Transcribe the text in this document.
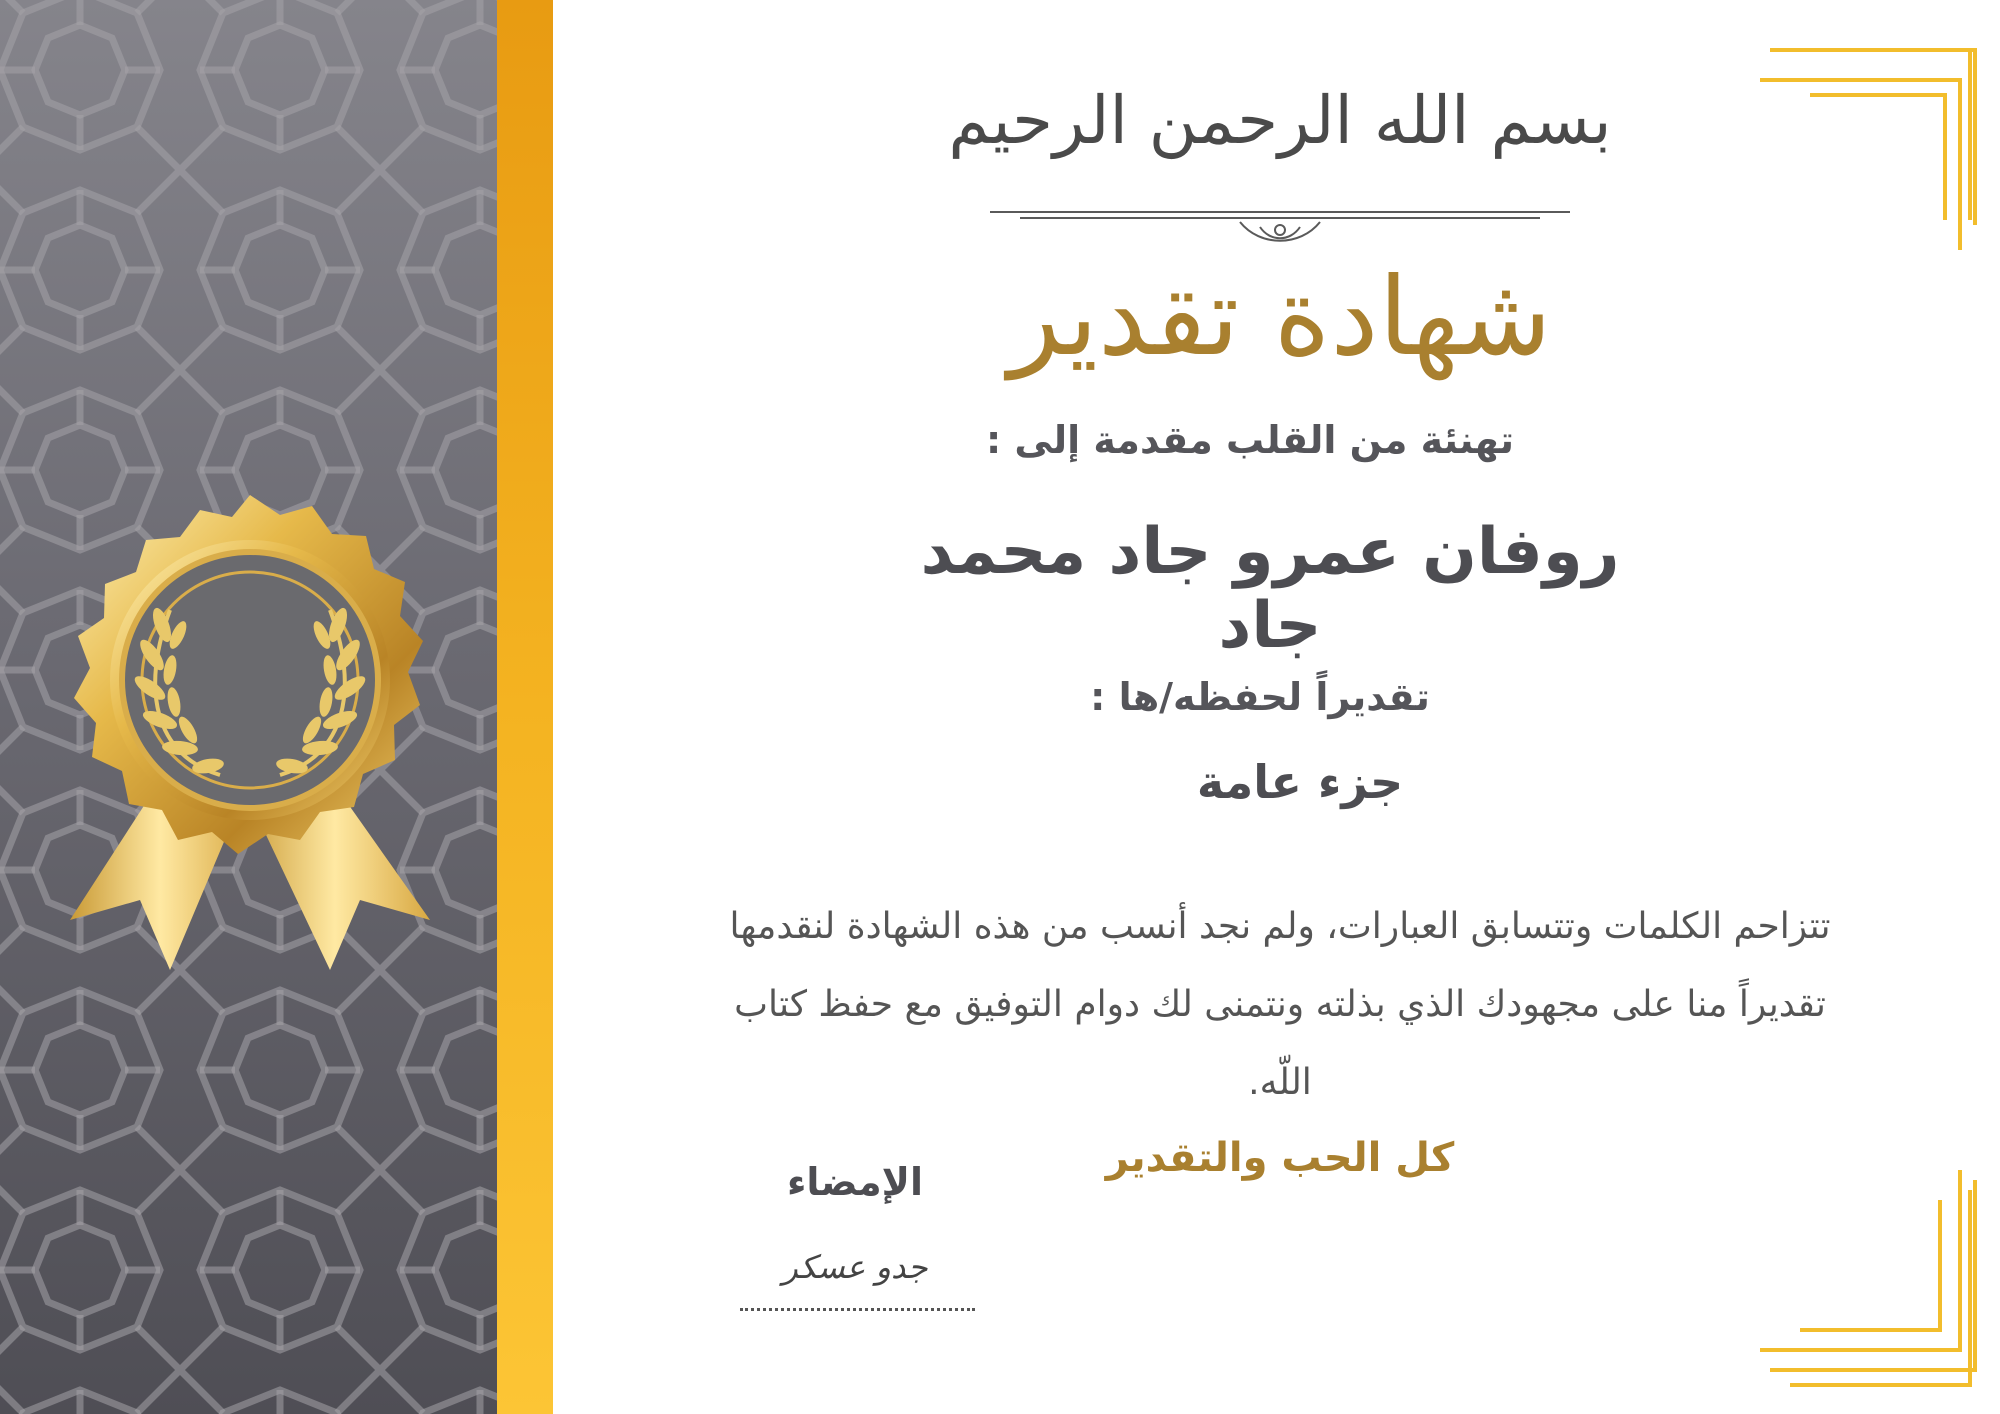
بسم الله الرحمن الرحيم
شهادة تقدير
تهنئة من القلب مقدمة إلى :
روفان عمرو جاد محمد جاد
تقديراً لحفظه/ها :
جزء عامة
تتزاحم الكلمات وتتسابق العبارات، ولم نجد أنسب من هذه الشهادة لنقدمها تقديراً منا على مجهودك الذي بذلته ونتمنى لك دوام التوفيق مع حفظ كتاب اللّه.
كل الحب والتقدير
الإمضاء
جدو عسكر
